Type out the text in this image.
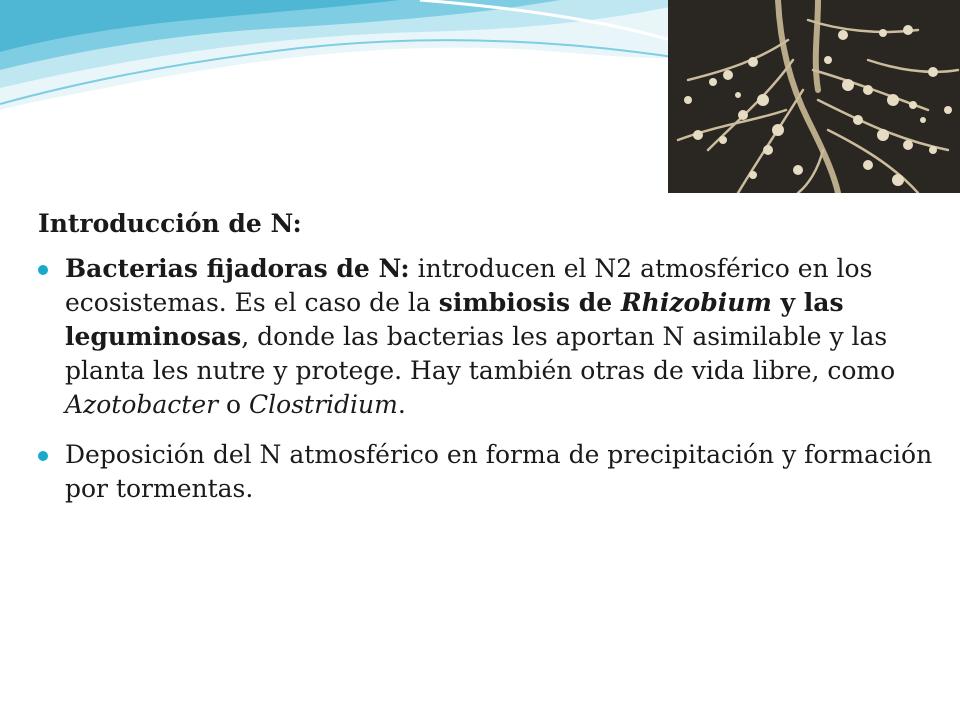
Introducción de N:
Bacterias fijadoras de N: introducen el N2 atmosférico en los ecosistemas. Es el caso de la simbiosis de Rhizobium y las leguminosas, donde las bacterias les aportan N asimilable y las planta les nutre y protege. Hay también otras de vida libre, como Azotobacter o Clostridium.
Deposición del N atmosférico en forma de precipitación y formación por tormentas.
